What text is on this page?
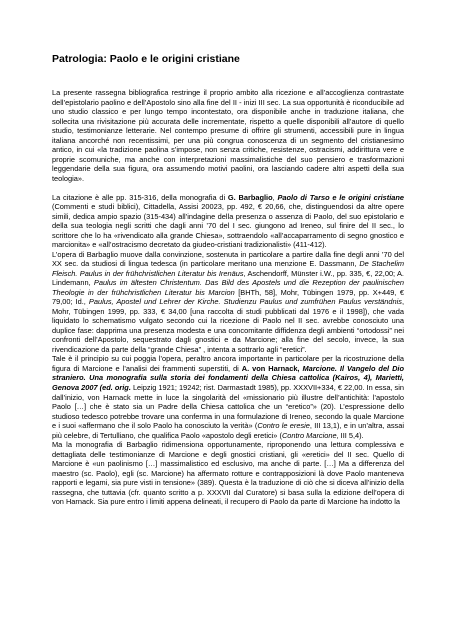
Patrologia: Paolo e le origini cristiane

La presente rassegna bibliografica restringe il proprio ambito alla ricezione e all’accoglienza contrastate dell’epistolario paolino e dell’Apostolo sino alla fine del II - inizi III sec. La sua opportunità è riconducibile ad uno studio classico e per lungo tempo incontestato, ora disponibile anche in traduzione italiana, che sollecita una rivisitazione più accurata delle incrementate, rispetto a quelle disponibili all’autore di quello studio, testimonianze letterarie. Nel contempo presume di offrire gli strumenti, accessibili pure in lingua italiana ancorché non recentissimi, per una più congrua conoscenza di un segmento del cristianesimo antico, in cui «la tradizione paolina s’impose, non senza critiche, resistenze, ostracismi, addirittura vere e proprie scomuniche, ma anche con interpretazioni massimalistiche del suo pensiero e trasformazioni leggendarie della sua figura, ora assumendo motivi paolini, ora lasciando cadere altri aspetti della sua teologia».

La citazione è alle pp. 315-316, della monografia di G. Barbaglio, Paolo di Tarso e le origini cristiane (Commenti e studi biblici), Cittadella, Assisi 20023, pp. 492, € 20,66, che, distinguendosi da altre opere simili, dedica ampio spazio (315-434) all’indagine della presenza o assenza di Paolo, del suo epistolario e della sua teologia negli scritti che dagli anni ’70 del I sec. giungono ad Ireneo, sul finire del II sec., lo scrittore che lo ha «rivendicato alla grande Chiesa», sottraendolo «all’accaparramento di segno gnostico e marcionita» e «all’ostracismo decretato da giudeo-cristiani tradizionalisti» (411-412).

L’opera di Barbaglio muove dalla convinzione, sostenuta in particolare a partire dalla fine degli anni ’70 del XX sec. da studiosi di lingua tedesca (in particolare meritano una menzione E. Dassmann, De Stachelim Fleisch. Paulus in der frühchristlichen Literatur bis Irenäus, Aschendorff, Münster i.W., pp. 335, €, 22,00; A. Lindemann, Paulus im ältesten Christentum. Das Bild des Apostels und die Rezeption der paulinischen Theologie in der frühchristlichen Literatur bis Marcion [BHTh, 58], Mohr, Tübingen 1979, pp. X+449, € 79,00; Id., Paulus, Apostel und Lehrer der Kirche. Studienzu Paulus und zumfrühen Paulus verständnis, Mohr, Tübingen 1999, pp. 333, € 34,00 [una raccolta di studi pubblicati dal 1976 e il 1998]), che vada liquidato lo schematismo vulgato secondo cui la ricezione di Paolo nel II sec. avrebbe conosciuto una duplice fase: dapprima una presenza modesta e una concomitante diffidenza degli ambienti “ortodossi” nei confronti dell’Apostolo, sequestrato dagli gnostici e da Marcione; alla fine del secolo, invece, la sua rivendicazione da parte della “grande Chiesa” , intenta a sottrarlo agli “eretici”.

Tale è il principio su cui poggia l’opera, peraltro ancora importante in particolare per la ricostruzione della figura di Marcione e l’analisi dei frammenti superstiti, di A. von Harnack, Marcione. Il Vangelo del Dio straniero. Una monografia sulla storia dei fondamenti della Chiesa cattolica (Kairos, 4), Marietti, Genova 2007 (ed. orig. Leipzig 1921; 19242; rist. Darmastadt 1985), pp. XXXVII+334, € 22,00. In essa, sin dall’inizio, von Harnack mette in luce la singolarità del «missionario più illustre dell’antichità: l’apostolo Paolo […] che è stato sia un Padre della Chiesa cattolica che un “eretico”» (20). L’espressione dello studioso tedesco potrebbe trovare una conferma in una formulazione di Ireneo, secondo la quale Marcione e i suoi «affermano che il solo Paolo ha conosciuto la verità» (Contro le eresie, III 13,1), e in un’altra, assai più celebre, di Tertulliano, che qualifica Paolo «apostolo degli eretici» (Contro Marcione, III 5,4).

Ma la monografia di Barbaglio ridimensiona opportunamente, riproponendo una lettura complessiva e dettagliata delle testimonianze di Marcione e degli gnostici cristiani, gli «eretici» del II sec. Quello di Marcione è «un paolinismo […] massimalistico ed esclusivo, ma anche di parte. […] Ma a differenza del maestro (sc. Paolo), egli (sc. Marcione) ha affermato rotture e contrapposizioni là dove Paolo manteneva rapporti e legami, sia pure visti in tensione» (389). Questa è la traduzione di ciò che si diceva all’inizio della rassegna, che tuttavia (cfr. quanto scritto a p. XXXVII dal Curatore) si basa sulla la edizione dell’opera di von Harnack. Sia pure entro i limiti appena delineati, il recupero di Paolo da parte di Marcione ha indotto la
